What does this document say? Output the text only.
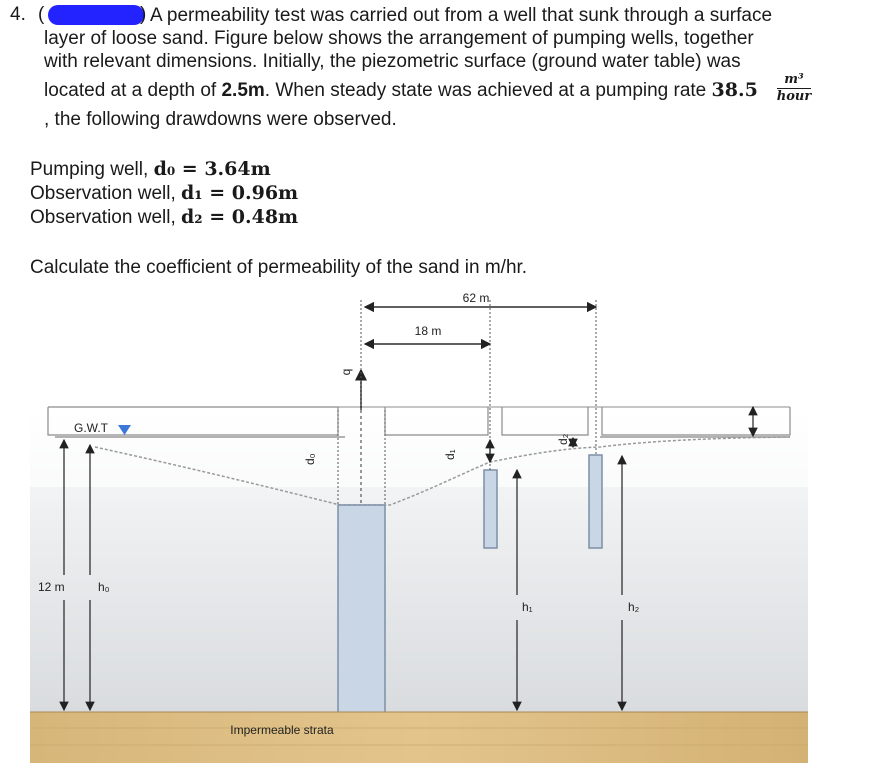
4. (	) A permeability test was carried out from a well that sunk through a surface
layer of loose sand. Figure below shows the arrangement of pumping wells, together
with relevant dimensions. Initially, the piezometric surface (ground water table) was
located at a depth of 2.5m. When steady state was achieved at a pumping rate 38.5	m³
hour
, the following drawdowns were observed.
Pumping well, d₀ = 3.64m
Observation well, d₁ = 0.96m
Observation well, d₂ = 0.48m
Calculate the coefficient of permeability of the sand in m/hr.
62 m
18 m
q
G.W.T
d₀	d₁
d₂
12 m	h₀
h₁	h₂
Impermeable strata
